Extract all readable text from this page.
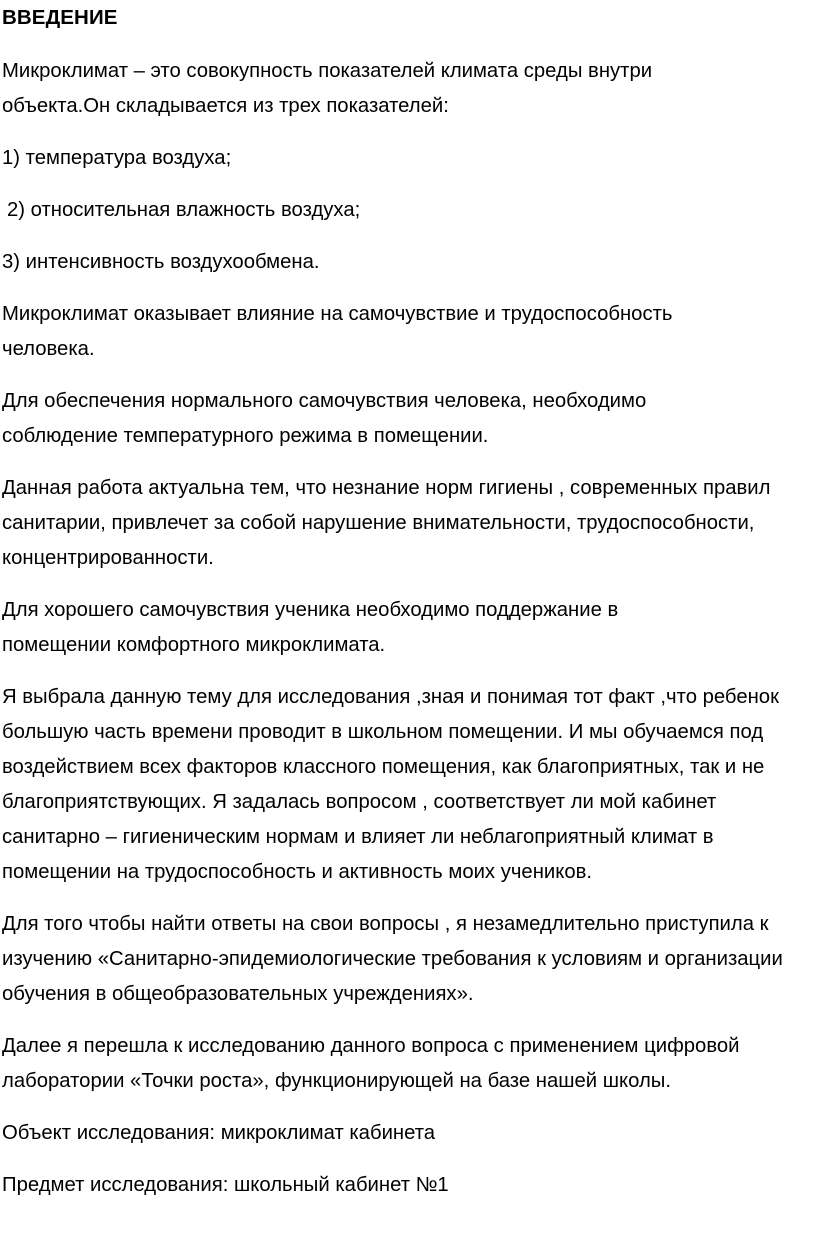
ВВЕДЕНИЕ
Микроклимат – это совокупность показателей климата среды внутри объекта.Он складывается из трех показателей:
1) температура воздуха;
2) относительная влажность воздуха;
3) интенсивность воздухообмена.
Микроклимат оказывает влияние на самочувствие и трудоспособность человека.
Для обеспечения нормального самочувствия человека, необходимо соблюдение температурного режима в помещении.
Данная работа актуальна тем, что незнание норм гигиены , современных правил санитарии, привлечет за собой нарушение внимательности, трудоспособности, концентрированности.
Для хорошего самочувствия ученика необходимо поддержание в помещении комфортного микроклимата.
Я выбрала данную тему для исследования ,зная и понимая тот факт ,что ребенок большую часть времени проводит в школьном помещении. И мы обучаемся под воздействием всех факторов классного помещения, как благоприятных, так и не благоприятствующих. Я задалась вопросом , соответствует ли мой кабинет санитарно – гигиеническим нормам и влияет ли неблагоприятный климат в помещении на трудоспособность и активность моих учеников.
Для того чтобы найти ответы на свои вопросы , я незамедлительно приступила к изучению «Санитарно-эпидемиологические требования к условиям и организации обучения в общеобразовательных учреждениях».
Далее я перешла к исследованию данного вопроса с применением цифровой лаборатории «Точки роста», функционирующей на базе нашей школы.
Объект исследования: микроклимат кабинета
Предмет исследования: школьный кабинет №1
